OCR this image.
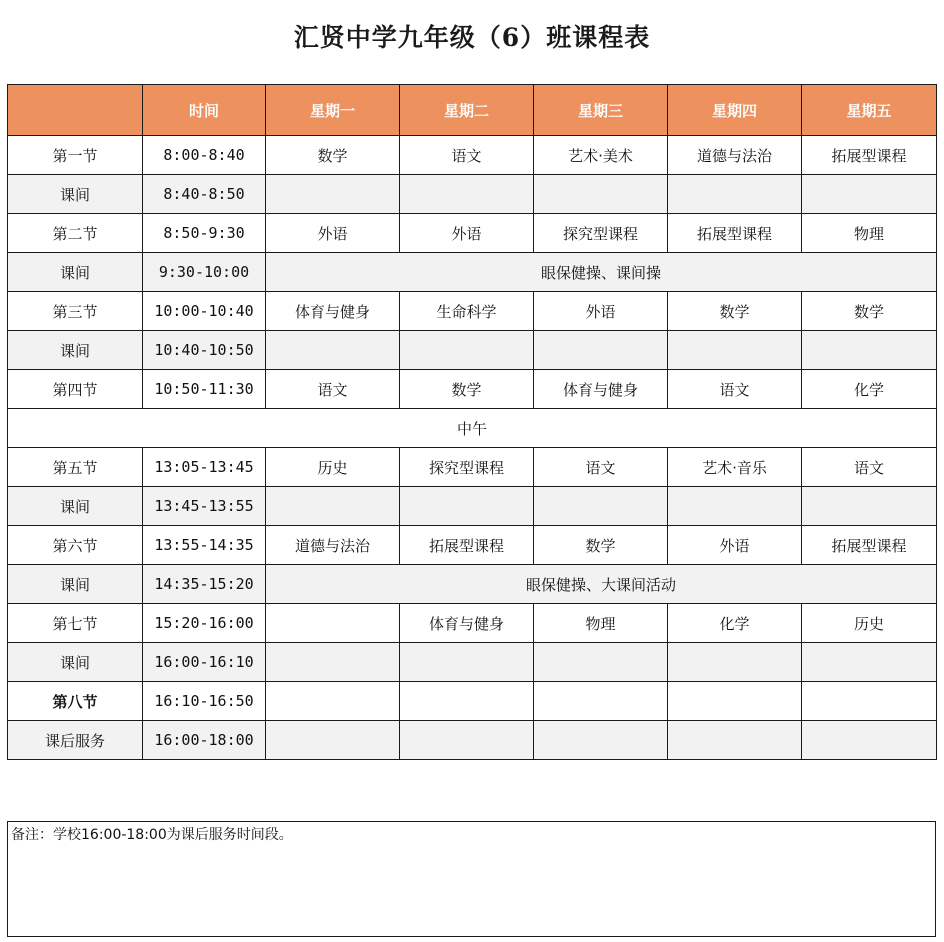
汇贤中学九年级（6）班课程表
	时间	星期一	星期二	星期三	星期四	星期五
第一节	8:00-8:40	数学	语文	艺术·美术	道德与法治	拓展型课程
课间	8:40-8:50					
第二节	8:50-9:30	外语	外语	探究型课程	拓展型课程	物理
课间	9:30-10:00	眼保健操、课间操				
第三节	10:00-10:40	体育与健身	生命科学	外语	数学	数学
课间	10:40-10:50					
第四节	10:50-11:30	语文	数学	体育与健身	语文	化学
中午						
第五节	13:05-13:45	历史	探究型课程	语文	艺术·音乐	语文
课间	13:45-13:55					
第六节	13:55-14:35	道德与法治	拓展型课程	数学	外语	拓展型课程
课间	14:35-15:20	眼保健操、大课间活动				
第七节	15:20-16:00		体育与健身	物理	化学	历史
课间	16:00-16:10					
第八节	16:10-16:50					
课后服务	16:00-18:00					
备注：学校16:00-18:00为课后服务时间段。
